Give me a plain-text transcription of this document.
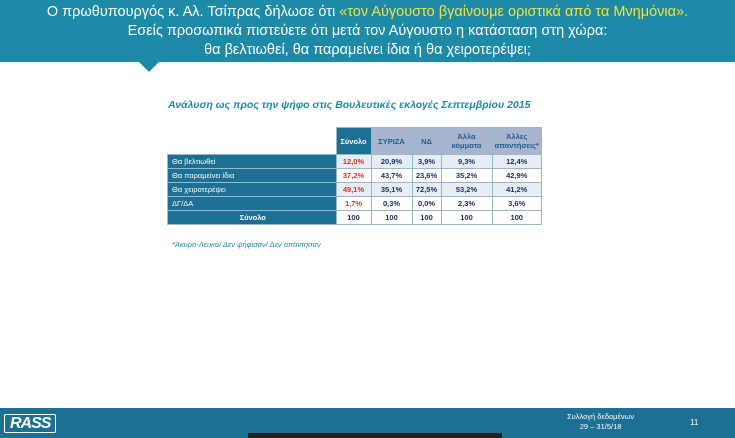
Ο πρωθυπουργός κ. Αλ. Τσίπρας δήλωσε ότι «τον Αύγουστο βγαίνουμε οριστικά από τα Μνημόνια».
Εσείς προσωπικά πιστεύετε ότι μετά τον Αύγουστο η κατάσταση στη χώρα:
θα βελτιωθεί, θα παραμείνει ίδια ή θα χειροτερέψει;
Ανάλυση ως προς την ψήφο στις Βουλευτικές εκλογές Σεπτεμβρίου 2015
	Σύνολο	ΣΥΡΙΖΑ	ΝΔ	Άλλα κόμματα	Άλλες απαντήσεις*
Θα βελτιωθεί	12,0%	20,9%	3,9%	9,3%	12,4%
Θα παραμείνει ίδια	37,2%	43,7%	23,6%	35,2%	42,9%
Θα χειροτερέψει	49,1%	35,1%	72,5%	53,2%	41,2%
ΔΓ/ΔΑ	1,7%	0,3%	0,0%	2,3%	3,6%
Σύνολο	100	100	100	100	100
*Άκυρο-Λευκό/ Δεν ψήφισαν/ Δεν απάντησαν
RASS	Συλλογή δεδομένων
29 – 31/5/18	11
